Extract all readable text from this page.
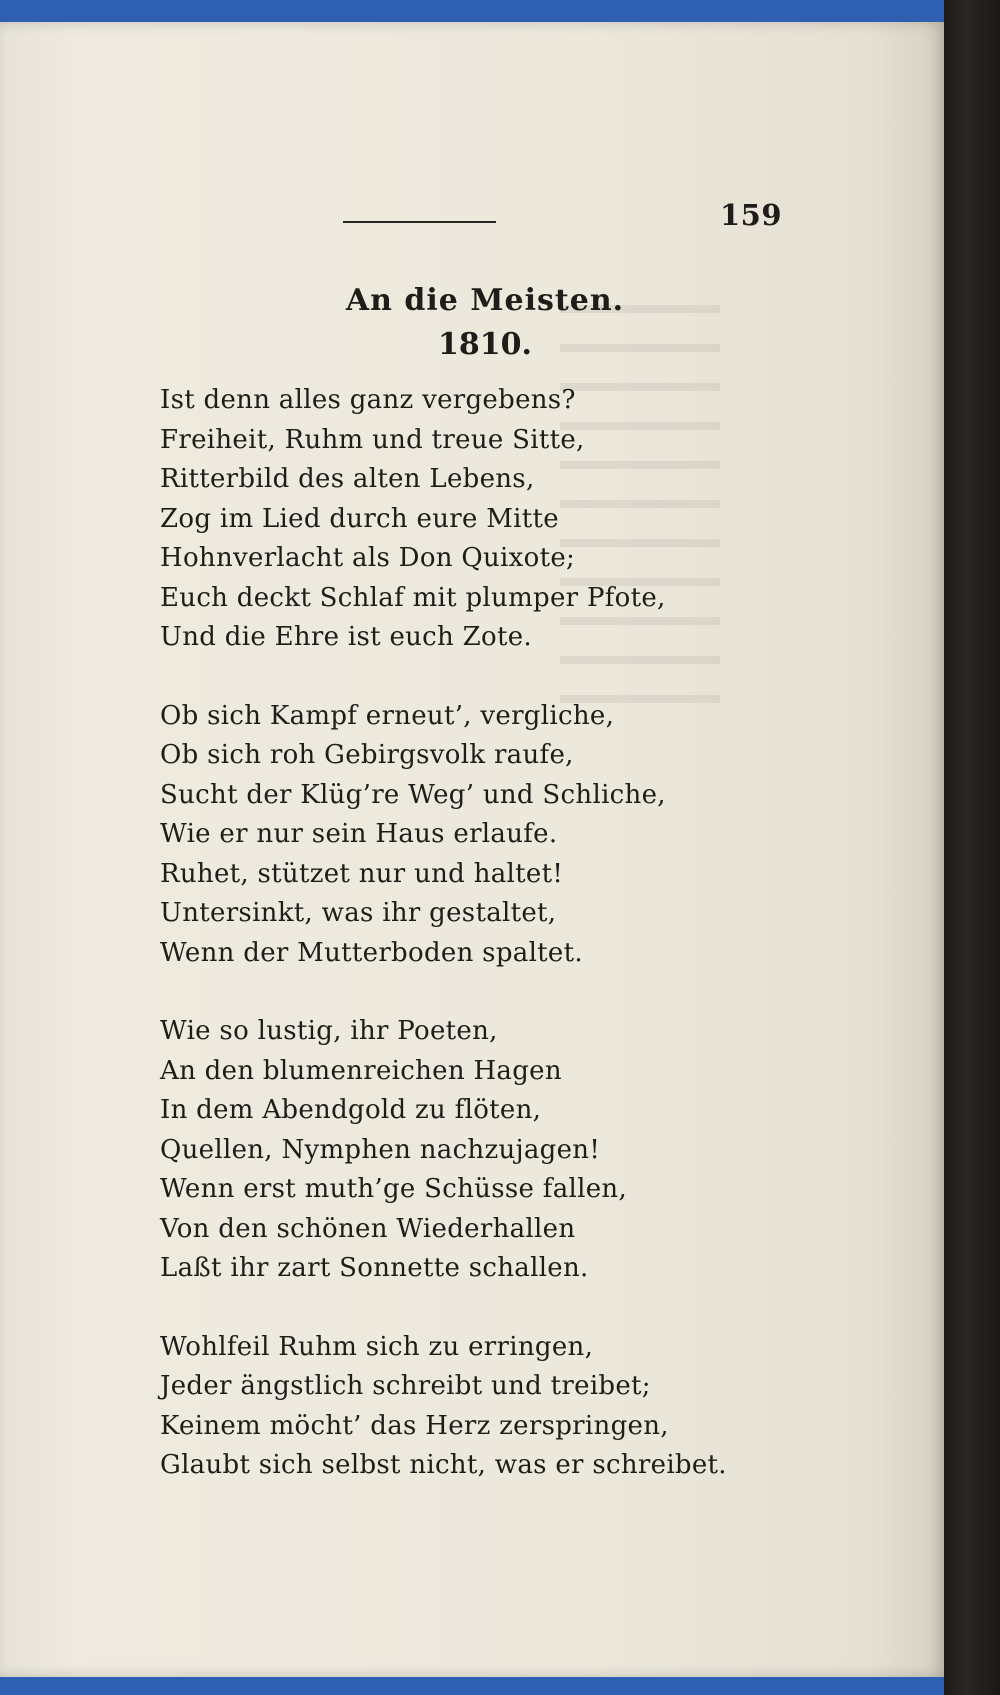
159
An die Meisten.
1810.
Ist denn alles ganz vergebens?
Freiheit, Ruhm und treue Sitte,
Ritterbild des alten Lebens,
Zog im Lied durch eure Mitte
Hohnverlacht als Don Quixote;
Euch deckt Schlaf mit plumper Pfote,
Und die Ehre ist euch Zote.
Ob sich Kampf erneut’, vergliche,
Ob sich roh Gebirgsvolk raufe,
Sucht der Klüg’re Weg’ und Schliche,
Wie er nur sein Haus erlaufe.
Ruhet, stützet nur und haltet!
Untersinkt, was ihr gestaltet,
Wenn der Mutterboden spaltet.
Wie so lustig, ihr Poeten,
An den blumenreichen Hagen
In dem Abendgold zu flöten,
Quellen, Nymphen nachzujagen!
Wenn erst muth’ge Schüsse fallen,
Von den schönen Wiederhallen
Laßt ihr zart Sonnette schallen.
Wohlfeil Ruhm sich zu erringen,
Jeder ängstlich schreibt und treibet;
Keinem möcht’ das Herz zerspringen,
Glaubt sich selbst nicht, was er schreibet.
